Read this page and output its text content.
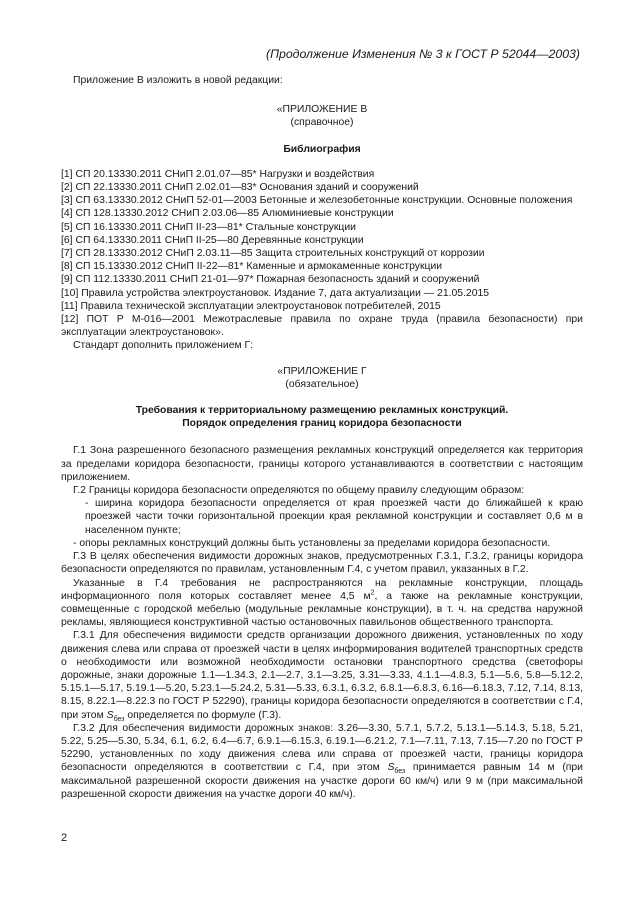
(Продолжение Изменения № 3 к ГОСТ Р 52044—2003)

Приложение В изложить в новой редакции:

«ПРИЛОЖЕНИЕ В

(справочное)

Библиография

[1] СП 20.13330.2011 СНиП 2.01.07—85* Нагрузки и воздействия

[2] СП 22.13330.2011 СНиП 2.02.01—83* Основания зданий и сооружений

[3] СП 63.13330.2012 СНиП 52-01—2003 Бетонные и железобетонные конструкции. Основные положения

[4] СП 128.13330.2012 СНиП 2.03.06—85 Алюминиевые конструкции

[5] СП 16.13330.2011 СНиП II-23—81* Стальные конструкции

[6] СП 64.13330.2011 СНиП II-25—80 Деревянные конструкции

[7] СП 28.13330.2012 СНиП 2.03.11—85 Защита строительных конструкций от коррозии

[8] СП 15.13330.2012 СНиП II-22—81* Каменные и армокаменные конструкции

[9] СП 112.13330.2011 СНиП 21-01—97* Пожарная безопасность зданий и сооружений

[10] Правила устройства электроустановок. Издание 7, дата актуализации — 21.05.2015

[11] Правила технической эксплуатации электроустановок потребителей, 2015

[12] ПОТ Р М-016—2001 Межотраслевые правила по охране труда (правила безопасности) при эксплуатации электроустановок».

Стандарт дополнить приложением Г:

«ПРИЛОЖЕНИЕ Г

(обязательное)

Требования к территориальному размещению рекламных конструкций.

Порядок определения границ коридора безопасности

Г.1 Зона разрешенного безопасного размещения рекламных конструкций определяется как территория за пределами коридора безопасности, границы которого устанавливаются в соответствии с настоящим приложением.

Г.2 Границы коридора безопасности определяются по общему правилу следующим образом:

- ширина коридора безопасности определяется от края проезжей части до ближайшей к краю проезжей части точки горизонтальной проекции края рекламной конструкции и составляет 0,6 м в населенном пункте;

- опоры рекламных конструкций должны быть установлены за пределами коридора безопасности.

Г.3 В целях обеспечения видимости дорожных знаков, предусмотренных Г.3.1, Г.3.2, границы коридора безопасности определяются по правилам, установленным Г.4, с учетом правил, указанных в Г.2.

Указанные в Г.4 требования не распространяются на рекламные конструкции, площадь информационного поля которых составляет менее 4,5 $м^2$, а также на рекламные конструкции, совмещенные с городской мебелью (модульные рекламные конструкции), в т. ч. на средства наружной рекламы, являющиеся конструктивной частью остановочных павильонов общественного транспорта.

Г.3.1 Для обеспечения видимости средств организации дорожного движения, установленных по ходу движения слева или справа от проезжей части в целях информирования водителей транспортных средств о необходимости или возможной необходимости остановки транспортного средства (светофоры дорожные, знаки дорожные 1.1—1.34.3, 2.1—2.7, 3.1—3.25, 3.31—3.33, 4.1.1—4.8.3, 5.1—5.6, 5.8—5.12.2, 5.15.1—5.17, 5.19.1—5.20, 5.23.1—5.24.2, 5.31—5.33, 6.3.1, 6.3.2, 6.8.1—6.8.3, 6.16—6.18.3, 7.12, 7.14, 8.13, 8.15, 8.22.1—8.22.3 по ГОСТ Р 52290), границы коридора безопасности определяются в соответствии с Г.4, при этом $S_{без}$ определяется по формуле (Г.3).

Г.3.2 Для обеспечения видимости дорожных знаков: 3.26—3.30, 5.7.1, 5.7.2, 5.13.1—5.14.3, 5.18, 5.21, 5.22, 5.25—5.30, 5.34, 6.1, 6.2, 6.4—6.7, 6.9.1—6.15.3, 6.19.1—6.21.2, 7.1—7.11, 7.13, 7.15—7.20 по ГОСТ Р 52290, установленных по ходу движения слева или справа от проезжей части, границы коридора безопасности определяются в соответствии с Г.4, при этом $S_{без}$ принимается равным 14 м (при максимальной разрешенной скорости движения на участке дороги 60 км/ч) или 9 м (при максимальной разрешенной скорости движения на участке дороги 40 км/ч).

2
